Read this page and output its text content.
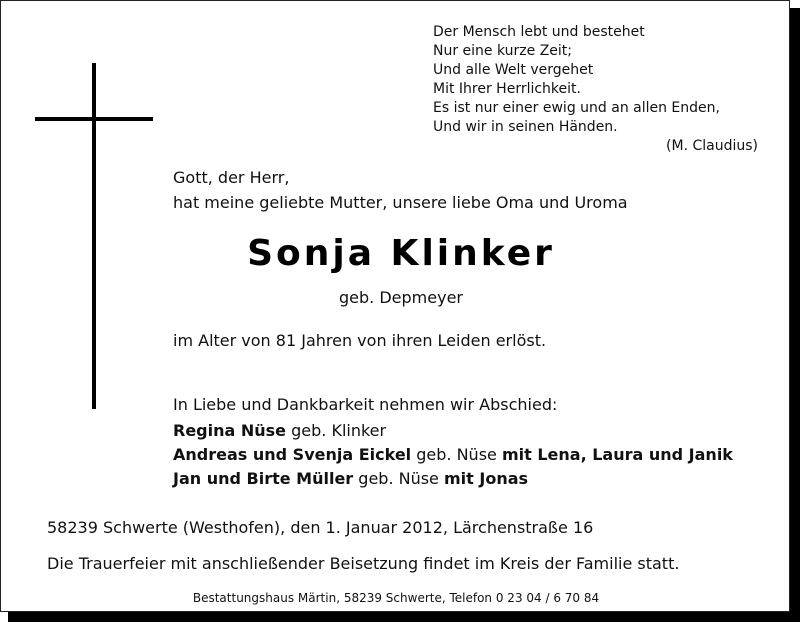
Der Mensch lebt und bestehet
Nur eine kurze Zeit;
Und alle Welt vergehet
Mit Ihrer Herrlichkeit.
Es ist nur einer ewig und an allen Enden,
Und wir in seinen Händen.
(M. Claudius)
Gott, der Herr,
hat meine geliebte Mutter, unsere liebe Oma und Uroma
Sonja Klinker
geb. Depmeyer
im Alter von 81 Jahren von ihren Leiden erlöst.
In Liebe und Dankbarkeit nehmen wir Abschied:
Regina Nüse geb. Klinker
Andreas und Svenja Eickel geb. Nüse mit Lena, Laura und Janik
Jan und Birte Müller geb. Nüse mit Jonas
58239 Schwerte (Westhofen), den 1. Januar 2012, Lärchenstraße 16
Die Trauerfeier mit anschließender Beisetzung findet im Kreis der Familie statt.
Bestattungshaus Märtin, 58239 Schwerte, Telefon 0 23 04 / 6 70 84
